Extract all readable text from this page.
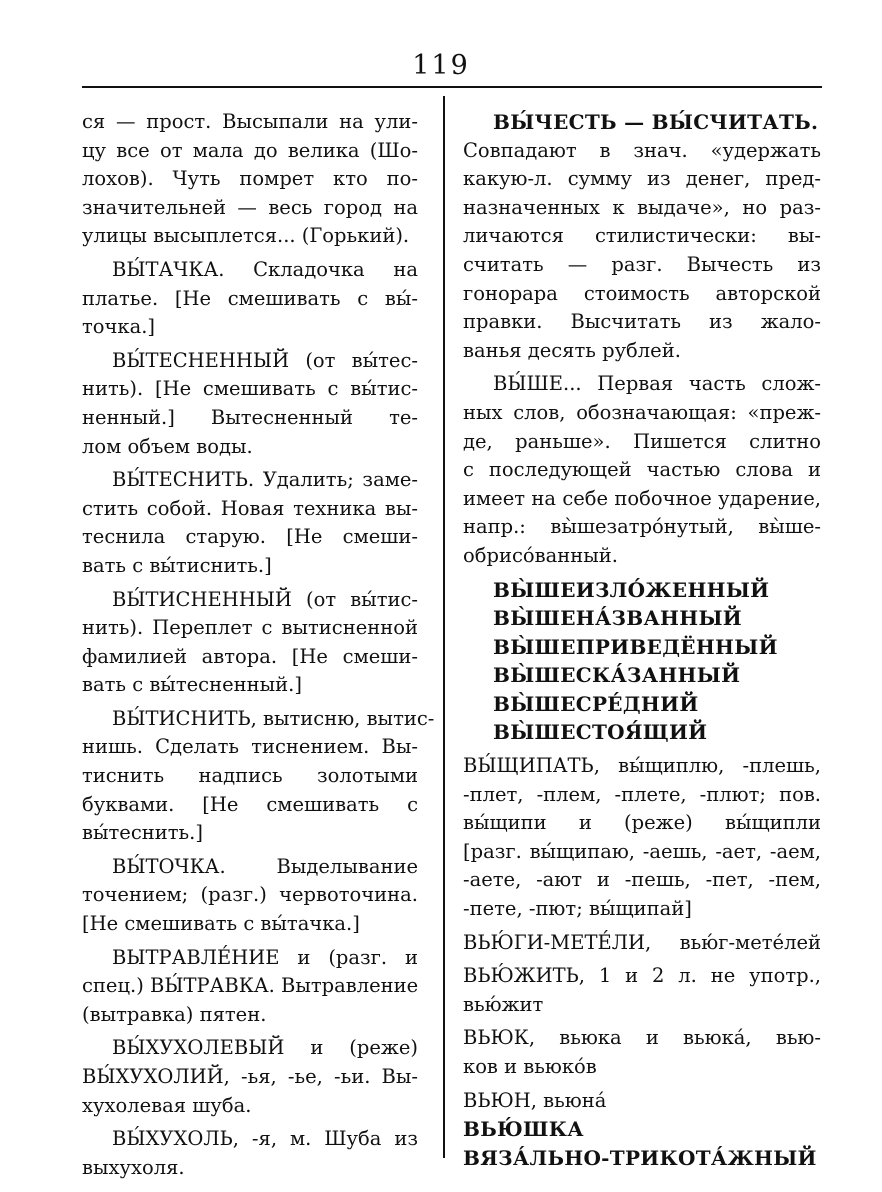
119
ся — прост. Высыпали на ули-
цу все от мала до велика (Шо-
лохов). Чуть помрет кто по-
значительней — весь город на
улицы высыплется... (Горький).
ВЫ́ТАЧКА. Складочка на
платье. [Не смешивать с вы́-
точка.]
ВЫ́ТЕСНЕННЫЙ (от вы́тес-
нить). [Не смешивать с вы́тис-
ненный.] Вытесненный те-
лом объем воды.
ВЫ́ТЕСНИТЬ. Удалить; заме-
стить собой. Новая техника вы-
теснила старую. [Не смеши-
вать с вы́тиснить.]
ВЫ́ТИСНЕННЫЙ (от вы́тис-
нить). Переплет с вытисненной
фамилией автора. [Не смеши-
вать с вы́тесненный.]
ВЫ́ТИСНИТЬ, вытисню, вытис-
нишь. Сделать тиснением. Вы-
тиснить надпись золотыми
буквами. [Не смешивать с
вы́теснить.]
ВЫ́ТОЧКА. Выделывание
точением; (разг.) червоточина.
[Не смешивать с вы́тачка.]
ВЫТРАВЛЕ́НИЕ и (разг. и
спец.) ВЫ́ТРАВКА. Вытравление
(вытравка) пятен.
ВЫ́ХУХОЛЕВЫЙ и (реже)
ВЫ́ХУХОЛИЙ, -ья, -ье, -ьи. Вы-
хухолевая шуба.
ВЫ́ХУХОЛЬ, -я, м. Шуба из
выхухоля.
ВЫ́ЧЕСТЬ — ВЫ́СЧИТАТЬ.
Совпадают в знач. «удержать
какую-л. сумму из денег, пред-
назначенных к выдаче», но раз-
личаются стилистически: вы-
считать — разг. Вычесть из
гонорара стоимость авторской
правки. Высчитать из жало-
ванья десять рублей.
ВЫ́ШЕ... Первая часть слож-
ных слов, обозначающая: «преж-
де, раньше». Пишется слитно
с последующей частью слова и
имеет на себе побочное ударение,
напр.: вы̀шезатро́нутый, вы̀ше-
обрисо́ванный.
ВЫ̀ШЕИЗЛО́ЖЕННЫЙ
ВЫ̀ШЕНА́ЗВАННЫЙ
ВЫ̀ШЕПРИВЕДЁННЫЙ
ВЫ̀ШЕСКА́ЗАННЫЙ
ВЫ̀ШЕСРЕ́ДНИЙ
ВЫ̀ШЕСТОЯ́ЩИЙ
ВЫ́ЩИПАТЬ, вы́щиплю, -плешь,
-плет, -плем, -плете, -плют; пов.
вы́щипи и (реже) вы́щипли
[разг. вы́щипаю, -аешь, -ает, -аем,
-аете, -ают и -пешь, -пет, -пем,
-пете, -пют; вы́щипай]
ВЬЮ́ГИ-МЕТЕ́ЛИ, вью́г-мете́лей
ВЬЮ́ЖИТЬ, 1 и 2 л. не употр.,
вью́жит
ВЬЮК, вьюка и вьюка́, вью-
ков и вьюко́в
ВЬЮН, вьюна́
ВЬЮ́ШКА
ВЯЗА́ЛЬНО-ТРИКОТА́ЖНЫЙ
